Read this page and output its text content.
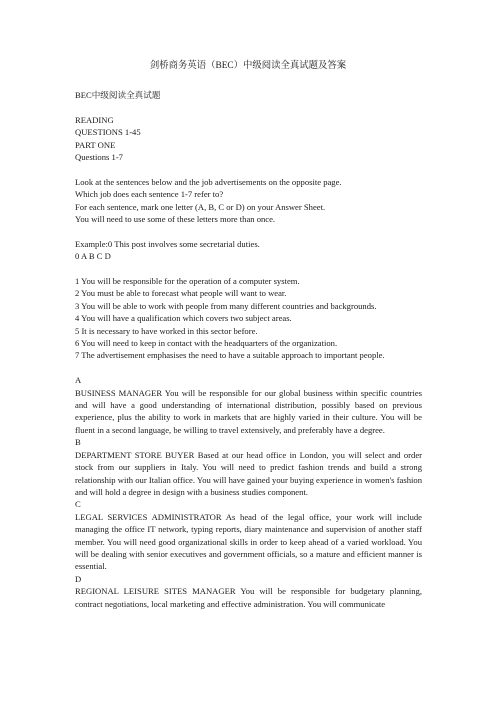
剑桥商务英语（BEC）中级阅读全真试题及答案
BEC中级阅读全真试题
READING
QUESTIONS 1-45
PART ONE
Questions 1-7
Look at the sentences below and the job advertisements on the opposite page.
Which job does each sentence 1-7 refer to?
For each sentence, mark one letter (A, B, C or D) on your Answer Sheet.
You will need to use some of these letters more than once.
Example:0 This post involves some secretarial duties.
0 A B C D
1 You will be responsible for the operation of a computer system.
2 You must be able to forecast what people will want to wear.
3 You will be able to work with people from many different countries and backgrounds.
4 You will have a qualification which covers two subject areas.
5 It is necessary to have worked in this sector before.
6 You will need to keep in contact with the headquarters of the organization.
7 The advertisement emphasises the need to have a suitable approach to important people.
A
BUSINESS MANAGER You will be responsible for our global business within specific countries and will have a good understanding of international distribution, possibly based on previous experience, plus the ability to work in markets that are highly varied in their culture. You will be fluent in a second language, be willing to travel extensively, and preferably have a degree.
B
DEPARTMENT STORE BUYER Based at our head office in London, you will select and order stock from our suppliers in Italy. You will need to predict fashion trends and build a strong relationship with our Italian office. You will have gained your buying experience in women's fashion and will hold a degree in design with a business studies component.
C
LEGAL SERVICES ADMINISTRATOR As head of the legal office, your work will include managing the office IT network, typing reports, diary maintenance and supervision of another staff member. You will need good organizational skills in order to keep ahead of a varied workload. You will be dealing with senior executives and government officials, so a mature and efficient manner is essential.
D
REGIONAL LEISURE SITES MANAGER You will be responsible for budgetary planning, contract negotiations, local marketing and effective administration. You will communicate
